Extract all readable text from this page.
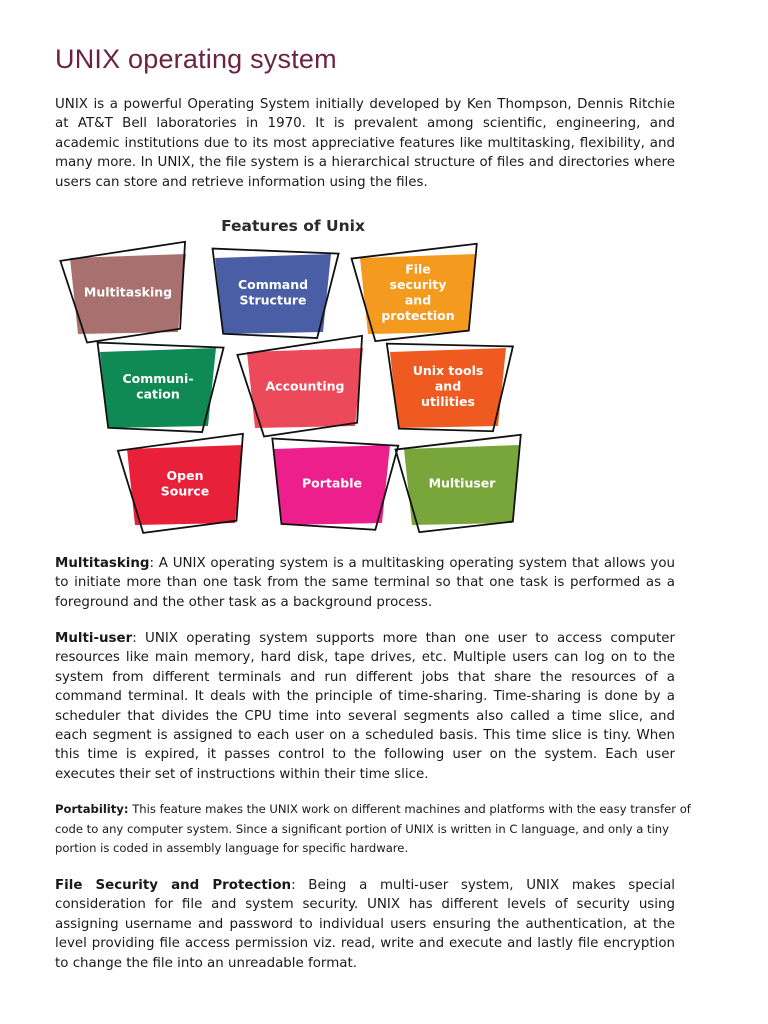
UNIX operating system

UNIX is a powerful Operating System initially developed by Ken Thompson, Dennis Ritchie at AT&T Bell laboratories in 1970. It is prevalent among scientific, engineering, and academic institutions due to its most appreciative features like multitasking, flexibility, and many more. In UNIX, the file system is a hierarchical structure of files and directories where users can store and retrieve information using the files.

Features of Unix
Multitasking
Command
Structure
File
security
and
protection
Communi-
cation
Accounting
Unix tools
and
utilities
Open
Source
Portable	Multiuser

Multitasking: A UNIX operating system is a multitasking operating system that allows you to initiate more than one task from the same terminal so that one task is performed as a foreground and the other task as a background process.

Multi-user: UNIX operating system supports more than one user to access computer resources like main memory, hard disk, tape drives, etc. Multiple users can log on to the system from different terminals and run different jobs that share the resources of a command terminal. It deals with the principle of time-sharing. Time-sharing is done by a scheduler that divides the CPU time into several segments also called a time slice, and each segment is assigned to each user on a scheduled basis. This time slice is tiny. When this time is expired, it passes control to the following user on the system. Each user executes their set of instructions within their time slice.

Portability: This feature makes the UNIX work on different machines and platforms with the easy transfer of code to any computer system. Since a significant portion of UNIX is written in C language, and only a tiny portion is coded in assembly language for specific hardware.

File Security and Protection: Being a multi-user system, UNIX makes special consideration for file and system security. UNIX has different levels of security using assigning username and password to individual users ensuring the authentication, at the level providing file access permission viz. read, write and execute and lastly file encryption to change the file into an unreadable format.
